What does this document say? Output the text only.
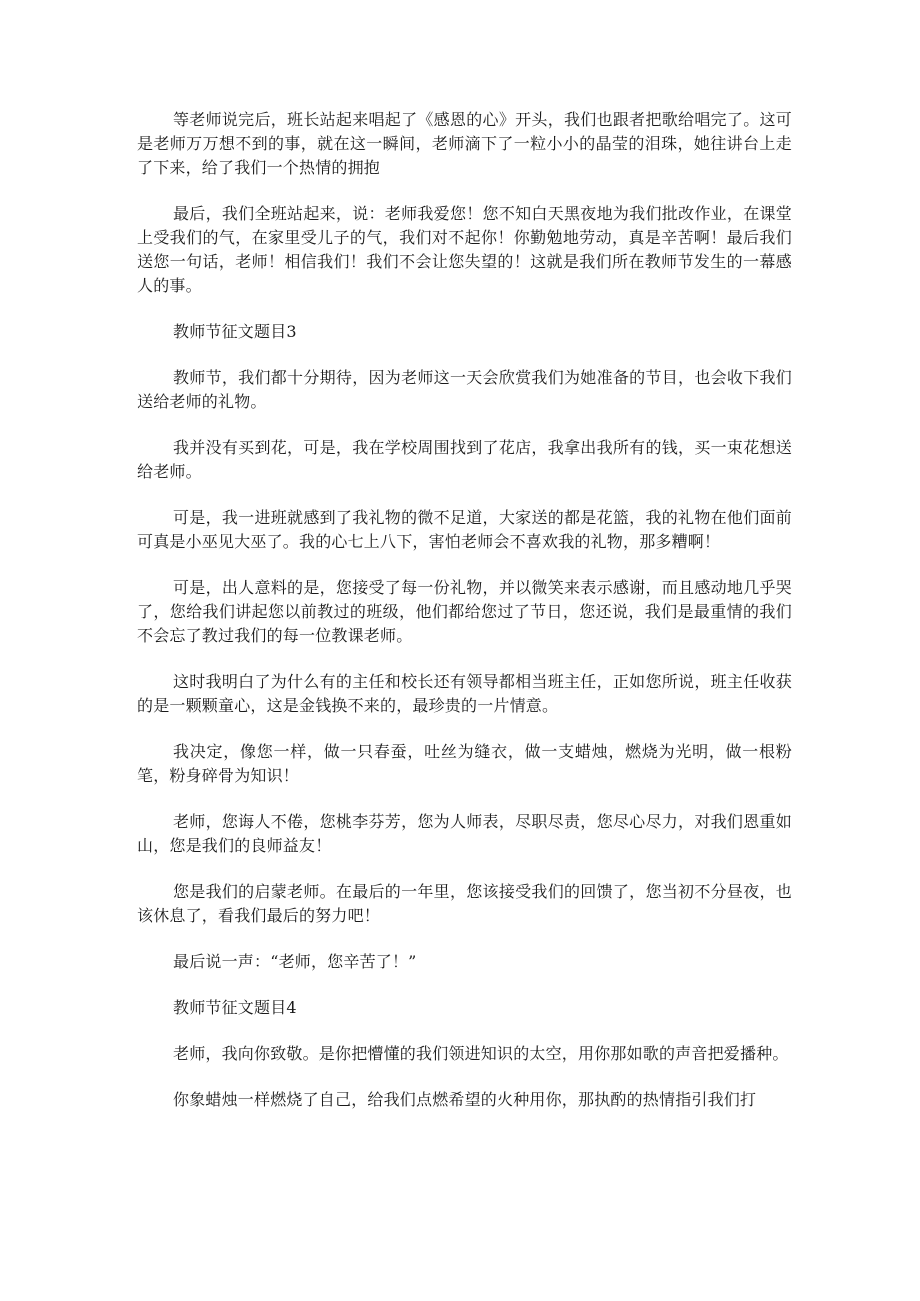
等老师说完后，班长站起来唱起了《感恩的心》开头，我们也跟者把歌给唱完了。这可是老师万万想不到的事，就在这一瞬间，老师滴下了一粒小小的晶莹的泪珠，她往讲台上走了下来，给了我们一个热情的拥抱

最后，我们全班站起来，说：老师我爱您！您不知白天黑夜地为我们批改作业，在课堂上受我们的气，在家里受儿子的气，我们对不起你！你勤勉地劳动，真是辛苦啊！最后我们送您一句话，老师！相信我们！我们不会让您失望的！这就是我们所在教师节发生的一幕感人的事。

教师节征文题目3

教师节，我们都十分期待，因为老师这一天会欣赏我们为她准备的节目，也会收下我们送给老师的礼物。

我并没有买到花，可是，我在学校周围找到了花店，我拿出我所有的钱，买一束花想送给老师。

可是，我一进班就感到了我礼物的微不足道，大家送的都是花篮，我的礼物在他们面前可真是小巫见大巫了。我的心七上八下，害怕老师会不喜欢我的礼物，那多糟啊！

可是，出人意料的是，您接受了每一份礼物，并以微笑来表示感谢，而且感动地几乎哭了，您给我们讲起您以前教过的班级，他们都给您过了节日，您还说，我们是最重情的我们不会忘了教过我们的每一位教课老师。

这时我明白了为什么有的主任和校长还有领导都相当班主任，正如您所说，班主任收获的是一颗颗童心，这是金钱换不来的，最珍贵的一片情意。

我决定，像您一样，做一只春蚕，吐丝为缝衣，做一支蜡烛，燃烧为光明，做一根粉笔，粉身碎骨为知识！

老师，您诲人不倦，您桃李芬芳，您为人师表，尽职尽责，您尽心尽力，对我们恩重如山，您是我们的良师益友！

您是我们的启蒙老师。在最后的一年里，您该接受我们的回馈了，您当初不分昼夜，也该休息了，看我们最后的努力吧！

最后说一声：“老师，您辛苦了！”

教师节征文题目4

老师，我向你致敬。是你把懵懂的我们领进知识的太空，用你那如歌的声音把爱播种。

你象蜡烛一样燃烧了自己，给我们点燃希望的火种用你，那执酌的热情指引我们打
